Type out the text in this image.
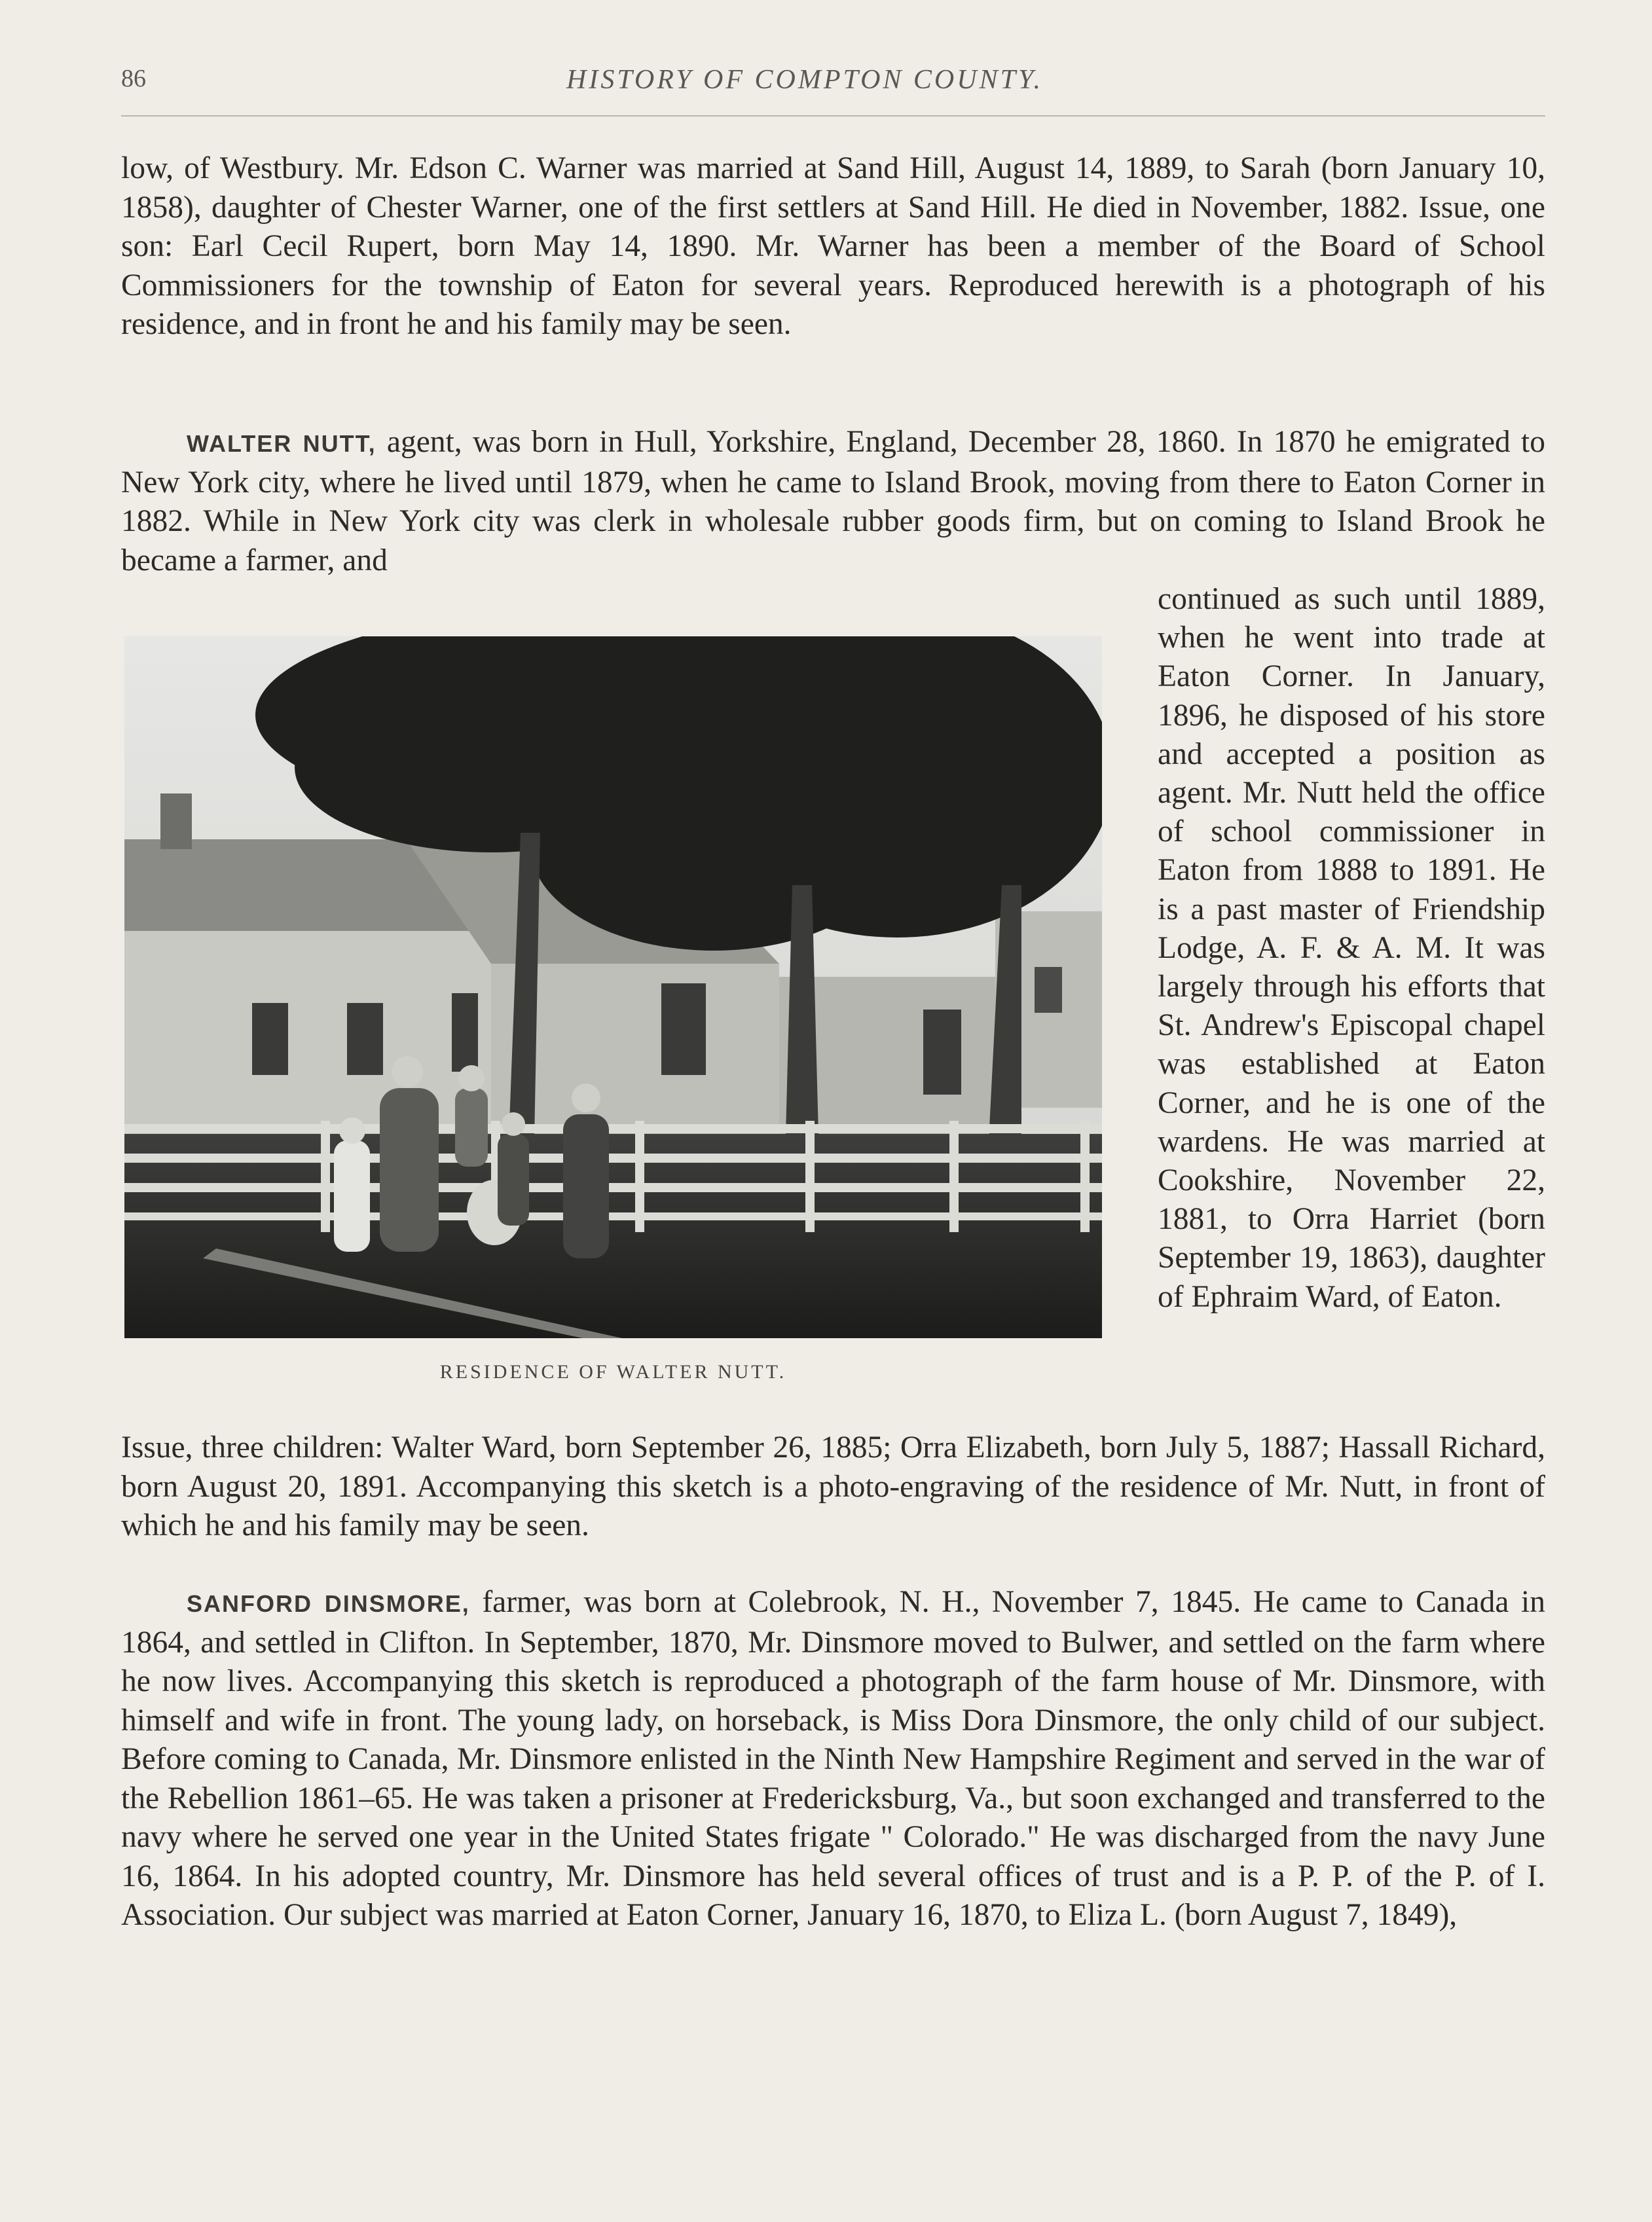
86	HISTORY OF COMPTON COUNTY.

low, of Westbury. Mr. Edson C. Warner was married at Sand Hill, August 14, 1889, to Sarah (born January 10, 1858), daughter of Chester Warner, one of the first settlers at Sand Hill. He died in November, 1882. Issue, one son: Earl Cecil Rupert, born May 14, 1890. Mr. Warner has been a member of the Board of School Commissioners for the township of Eaton for several years. Reproduced herewith is a photograph of his residence, and in front he and his family may be seen.

WALTER NUTT, agent, was born in Hull, Yorkshire, England, December 28, 1860. In 1870 he emigrated to New York city, where he lived until 1879, when he came to Island Brook, moving from there to Eaton Corner in 1882. While in New York city was clerk in wholesale rubber goods firm, but on coming to Island Brook he became a farmer, and

continued as such until 1889, when he went into trade at Eaton Corner. In January, 1896, he disposed of his store and accepted a position as agent. Mr. Nutt held the office of school commissioner in Eaton from 1888 to 1891. He is a past master of Friendship Lodge, A. F. & A. M. It was largely through his efforts that St. Andrew's Episcopal chapel was established at Eaton Corner, and he is one of the wardens. He was married at Cookshire, November 22, 1881, to Orra Harriet (born September 19, 1863), daughter of Ephraim Ward, of Eaton.

RESIDENCE OF WALTER NUTT.

Issue, three children: Walter Ward, born September 26, 1885; Orra Elizabeth, born July 5, 1887; Hassall Richard, born August 20, 1891. Accompanying this sketch is a photo-engraving of the residence of Mr. Nutt, in front of which he and his family may be seen.

SANFORD DINSMORE, farmer, was born at Colebrook, N. H., November 7, 1845. He came to Canada in 1864, and settled in Clifton. In September, 1870, Mr. Dinsmore moved to Bulwer, and settled on the farm where he now lives. Accompanying this sketch is reproduced a photograph of the farm house of Mr. Dinsmore, with himself and wife in front. The young lady, on horseback, is Miss Dora Dinsmore, the only child of our subject. Before coming to Canada, Mr. Dinsmore enlisted in the Ninth New Hampshire Regiment and served in the war of the Rebellion 1861–65. He was taken a prisoner at Fredericksburg, Va., but soon exchanged and transferred to the navy where he served one year in the United States frigate " Colorado." He was discharged from the navy June 16, 1864. In his adopted country, Mr. Dinsmore has held several offices of trust and is a P. P. of the P. of I. Association. Our subject was married at Eaton Corner, January 16, 1870, to Eliza L. (born August 7, 1849),
